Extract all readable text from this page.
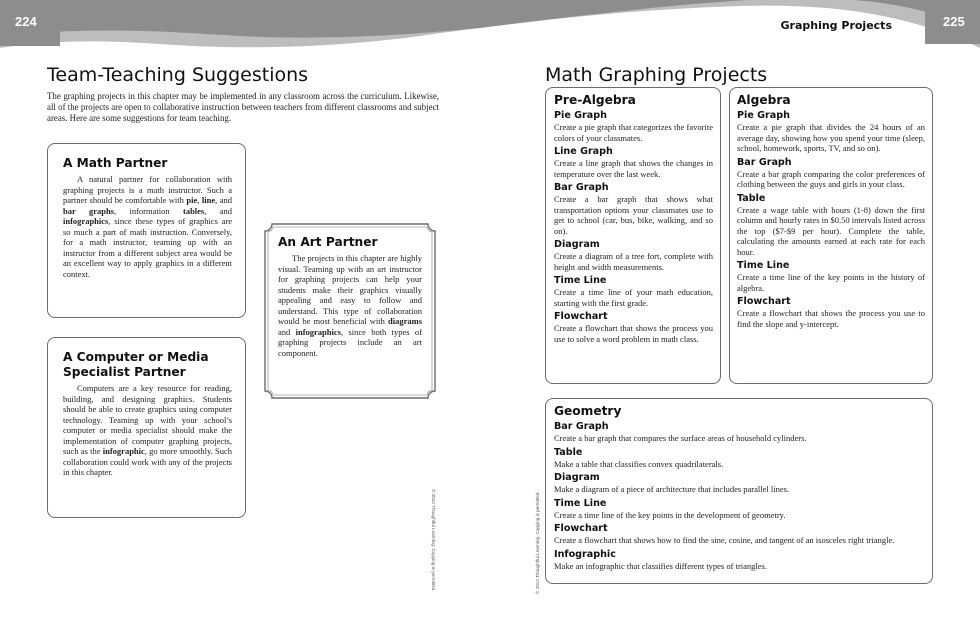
224	225
Graphing Projects
Team-Teaching Suggestions

The graphing projects in this chapter may be implemented in any classroom across the curriculum. Likewise, all of the projects are open to collaborative instruction between teachers from different classrooms and subject areas. Here are some suggestions for team teaching.

A Math Partner

A natural partner for collaboration with graphing projects is a math instructor. Such a partner should be comfortable with pie, line, and bar graphs, information tables, and infographics, since these types of graphics are so much a part of math instruction. Conversely, for a math instructor, teaming up with an instructor from a different subject area would be an excellent way to apply graphics in a different context.

A Computer or Media Specialist Partner

Computers are a key resource for reading, building, and designing graphics. Students should be able to create graphics using computer technology. Teaming up with your school’s computer or media specialist should make the implementation of computer graphing projects, such as the infographic, go more smoothly. Such collaboration could work with any of the projects in this chapter.

An Art Partner

The projects in this chapter are highly visual. Teaming up with an art instructor for graphing projects can help your students make their graphics visually appealing and easy to follow and understand. This type of collaboration would be most beneficial with diagrams and infographics, since both types of graphing projects include an art component.

© 2012 Thoughtful Learning. Copying is permitted.	© 2012 Thoughtful Learning. Copying is permitted.
Math Graphing Projects
Pre-Algebra
Pie Graph

Create a pie graph that categorizes the favorite colors of your classmates.

Line Graph

Create a line graph that shows the changes in temperature over the last week.

Bar Graph

Create a bar graph that shows what transportation options your classmates use to get to school (car, bus, bike, walking, and so on).

Diagram

Create a diagram of a tree fort, complete with height and width measurements.

Time Line

Create a time line of your math education, starting with the first grade.

Flowchart

Create a flowchart that shows the process you use to solve a word problem in math class.

Algebra
Pie Graph

Create a pie graph that divides the 24 hours of an average day, showing how you spend your time (sleep, school, homework, sports, TV, and so on).

Bar Graph

Create a bar graph comparing the color preferences of clothing between the guys and girls in your class.

Table

Create a wage table with hours (1-8) down the first column and hourly rates in $0.50 intervals listed across the top ($7-$9 per hour). Complete the table, calculating the amounts earned at each rate for each hour.

Time Line

Create a time line of the key points in the history of algebra.

Flowchart

Create a flowchart that shows the process you use to find the slope and y-intercept.

Geometry
Bar Graph

Create a bar graph that compares the surface areas of household cylinders.

Table

Make a table that classifies convex quadrilaterals.

Diagram

Make a diagram of a piece of architecture that includes parallel lines.

Time Line

Create a time line of the key points in the development of geometry.

Flowchart

Create a flowchart that shows how to find the sine, cosine, and tangent of an isosceles right triangle.

Infographic

Make an infographic that classifies different types of triangles.
